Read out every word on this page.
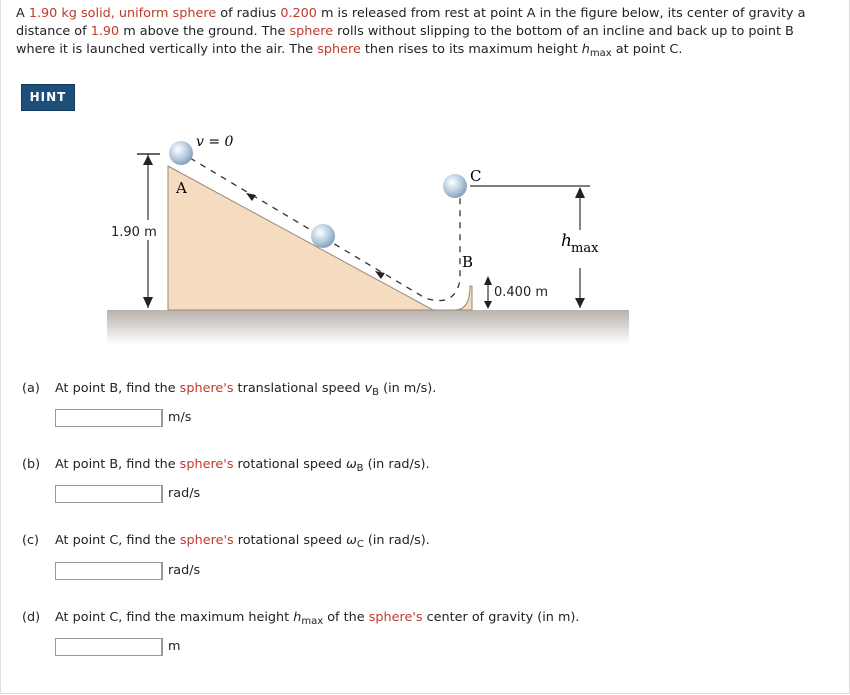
A 1.90 kg solid, uniform sphere of radius 0.200 m is released from rest at point A in the figure below, its center of gravity a distance of 1.90 m above the ground. The sphere rolls without slipping to the bottom of an incline and back up to point B where it is launched vertically into the air. The sphere then rises to its maximum height $h_{max}$ at point C.
HINT
v = 0
A
C
B
1.90 m	h max
0.400 m
(a) At point B, find the sphere's translational speed $v_B$ (in m/s).
m/s
(b) At point B, find the sphere's rotational speed $\omega_B$ (in rad/s).
rad/s
(c) At point C, find the sphere's rotational speed $\omega_C$ (in rad/s).
rad/s
(d) At point C, find the maximum height $h_{max}$ of the sphere's center of gravity (in m).
m
